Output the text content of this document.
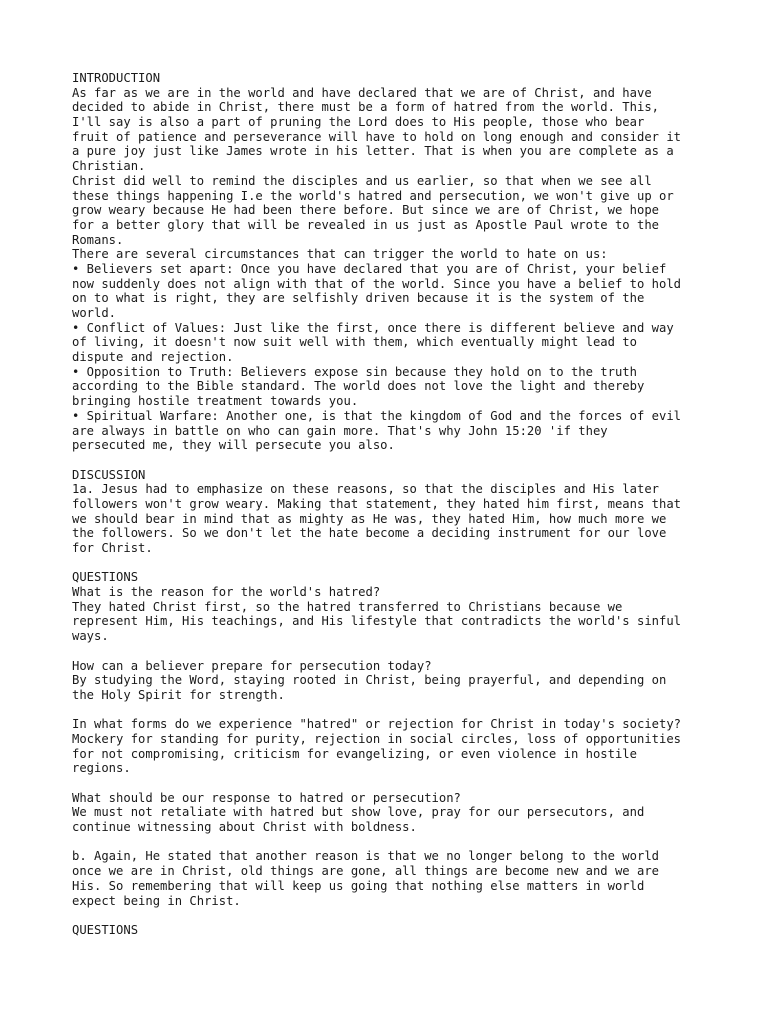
INTRODUCTION
As far as we are in the world and have declared that we are of Christ, and have
decided to abide in Christ, there must be a form of hatred from the world. This,
I'll say is also a part of pruning the Lord does to His people, those who bear
fruit of patience and perseverance will have to hold on long enough and consider it
a pure joy just like James wrote in his letter. That is when you are complete as a
Christian.
Christ did well to remind the disciples and us earlier, so that when we see all
these things happening I.e the world's hatred and persecution, we won't give up or
grow weary because He had been there before. But since we are of Christ, we hope
for a better glory that will be revealed in us just as Apostle Paul wrote to the
Romans.
There are several circumstances that can trigger the world to hate on us:
• Believers set apart: Once you have declared that you are of Christ, your belief
now suddenly does not align with that of the world. Since you have a belief to hold
on to what is right, they are selfishly driven because it is the system of the
world.
• Conflict of Values: Just like the first, once there is different believe and way
of living, it doesn't now suit well with them, which eventually might lead to
dispute and rejection.
• Opposition to Truth: Believers expose sin because they hold on to the truth
according to the Bible standard. The world does not love the light and thereby
bringing hostile treatment towards you.
• Spiritual Warfare: Another one, is that the kingdom of God and the forces of evil
are always in battle on who can gain more. That's why John 15:20 'if they
persecuted me, they will persecute you also.
DISCUSSION
1a. Jesus had to emphasize on these reasons, so that the disciples and His later
followers won't grow weary. Making that statement, they hated him first, means that
we should bear in mind that as mighty as He was, they hated Him, how much more we
the followers. So we don't let the hate become a deciding instrument for our love
for Christ.
QUESTIONS
What is the reason for the world's hatred?
They hated Christ first, so the hatred transferred to Christians because we
represent Him, His teachings, and His lifestyle that contradicts the world's sinful
ways.
How can a believer prepare for persecution today?
By studying the Word, staying rooted in Christ, being prayerful, and depending on
the Holy Spirit for strength.
In what forms do we experience "hatred" or rejection for Christ in today's society?
Mockery for standing for purity, rejection in social circles, loss of opportunities
for not compromising, criticism for evangelizing, or even violence in hostile
regions.
What should be our response to hatred or persecution?
We must not retaliate with hatred but show love, pray for our persecutors, and
continue witnessing about Christ with boldness.
b. Again, He stated that another reason is that we no longer belong to the world
once we are in Christ, old things are gone, all things are become new and we are
His. So remembering that will keep us going that nothing else matters in world
expect being in Christ.
QUESTIONS
